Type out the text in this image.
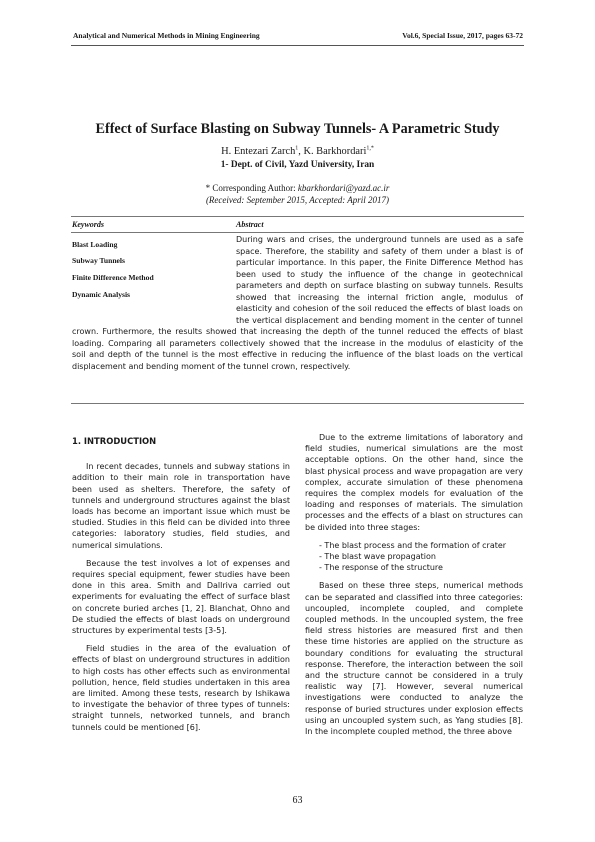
Analytical and Numerical Methods in Mining Engineering	Vol.6, Special Issue, 2017, pages 63-72
Effect of Surface Blasting on Subway Tunnels- A Parametric Study
H. Entezari Zarch$^1$, K. Barkhordari$^{1,*}$
1- Dept. of Civil, Yazd University, Iran
* Corresponding Author: kbarkhordari@yazd.ac.ir
(Received: September 2015, Accepted: April 2017)
Keywords	Abstract
Blast Loading
Subway Tunnels
Finite Difference Method
Dynamic Analysis
During wars and crises, the underground tunnels are used as a safe
space. Therefore, the stability and safety of them under a blast is of
particular importance. In this paper, the Finite Difference Method has
been used to study the influence of the change in geotechnical
parameters and depth on surface blasting on subway tunnels. Results
showed that increasing the internal friction angle, modulus of
elasticity and cohesion of the soil reduced the effects of blast loads on
the vertical displacement and bending moment in the center of tunnel
crown. Furthermore, the results showed that increasing the depth of the tunnel reduced the effects of blast
loading. Comparing all parameters collectively showed that the increase in the modulus of elasticity of the
soil and depth of the tunnel is the most effective in reducing the influence of the blast loads on the vertical
displacement and bending moment of the tunnel crown, respectively.
1. INTRODUCTION

In recent decades, tunnels and subway stations in addition to their main role in transportation have been used as shelters. Therefore, the safety of tunnels and underground structures against the blast loads has become an important issue which must be studied. Studies in this field can be divided into three categories: laboratory studies, field studies, and numerical simulations.

Because the test involves a lot of expenses and requires special equipment, fewer studies have been done in this area. Smith and Dallriva carried out experiments for evaluating the effect of surface blast on concrete buried arches [1, 2]. Blanchat, Ohno and De studied the effects of blast loads on underground structures by experimental tests [3-5].

Field studies in the area of the evaluation of effects of blast on underground structures in addition to high costs has other effects such as environmental pollution, hence, field studies undertaken in this area are limited. Among these tests, research by Ishikawa to investigate the behavior of three types of tunnels: straight tunnels, networked tunnels, and branch tunnels could be mentioned [6].

Due to the extreme limitations of laboratory and field studies, numerical simulations are the most acceptable options. On the other hand, since the blast physical process and wave propagation are very complex, accurate simulation of these phenomena requires the complex models for evaluation of the loading and responses of materials. The simulation processes and the effects of a blast on structures can be divided into three stages:

- The blast process and the formation of crater
- The blast wave propagation
- The response of the structure

Based on these three steps, numerical methods can be separated and classified into three categories: uncoupled, incomplete coupled, and complete coupled methods. In the uncoupled system, the free field stress histories are measured first and then these time histories are applied on the structure as boundary conditions for evaluating the structural response. Therefore, the interaction between the soil and the structure cannot be considered in a truly realistic way [7]. However, several numerical investigations were conducted to analyze the response of buried structures under explosion effects using an uncoupled system such, as Yang studies [8]. In the incomplete coupled method, the three above

63
